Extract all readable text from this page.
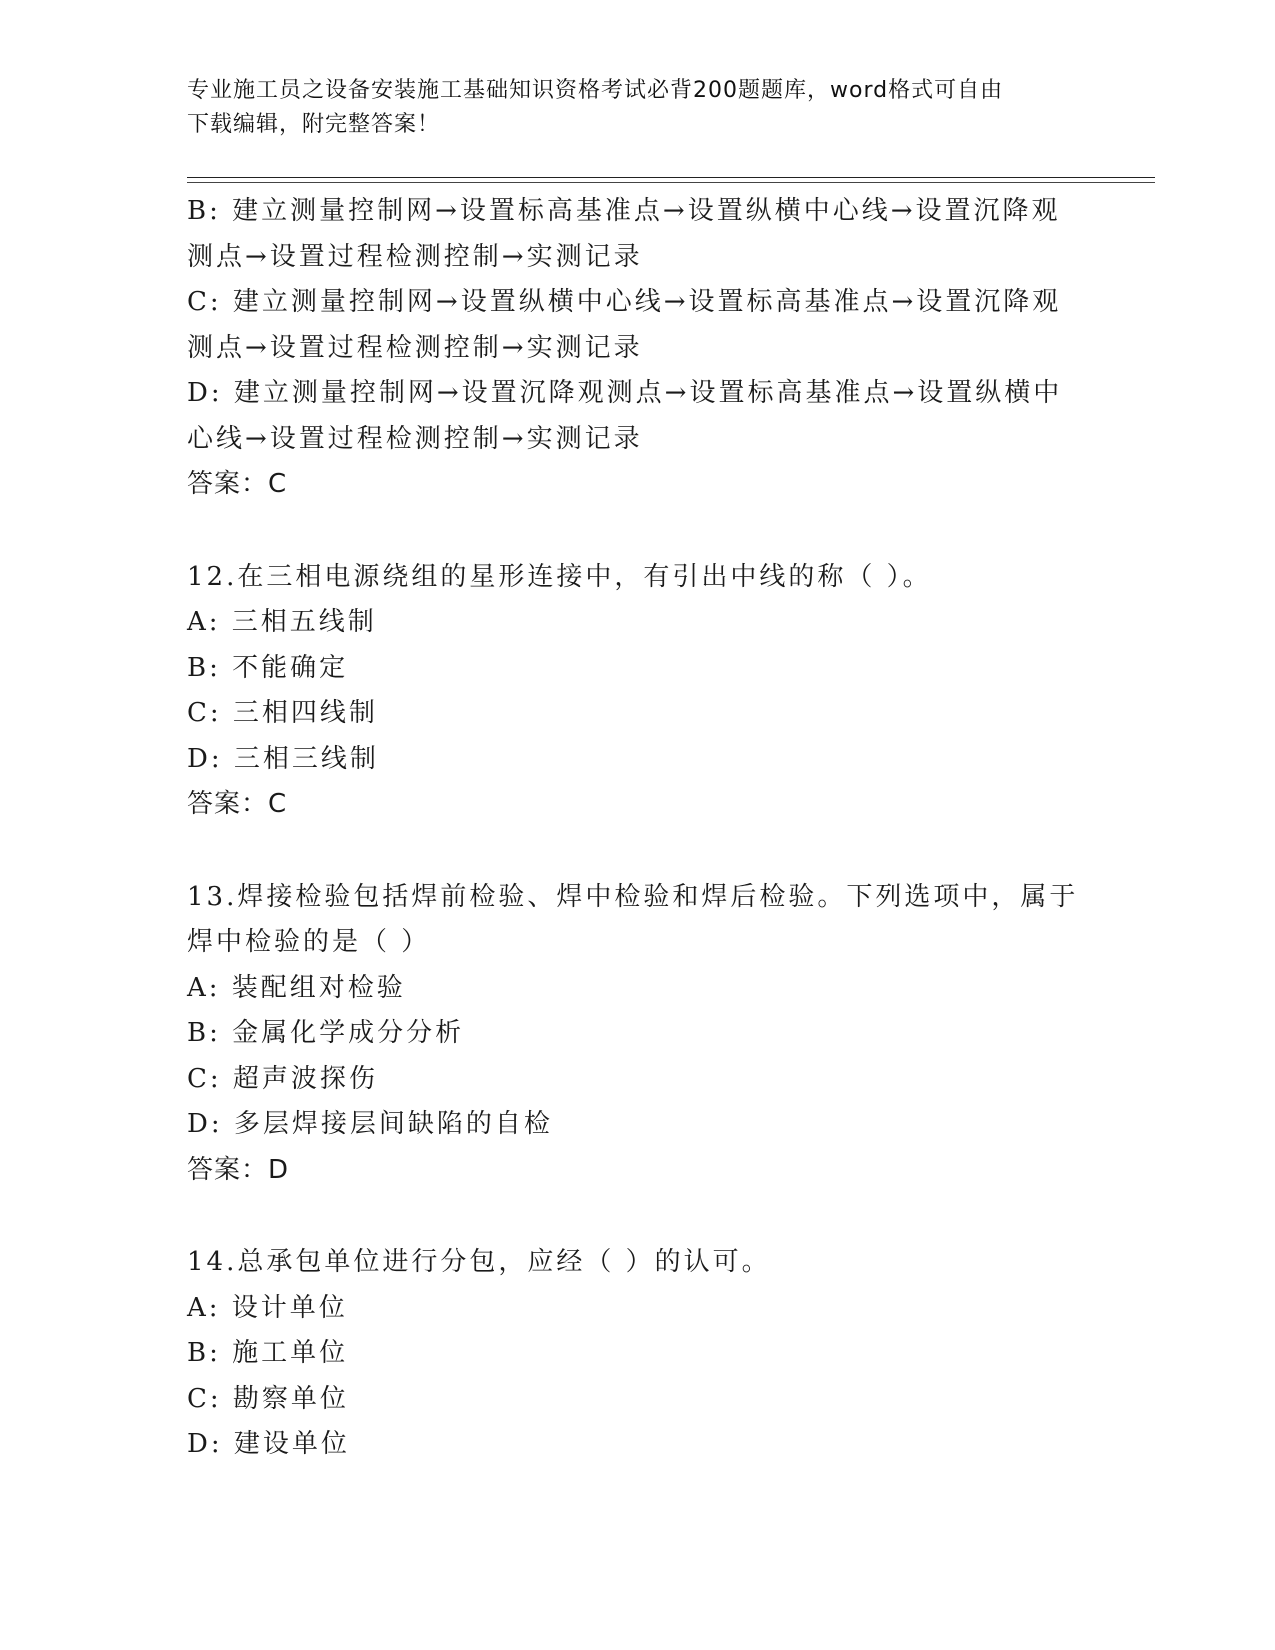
专业施工员之设备安装施工基础知识资格考试必背200题题库，word格式可自由
下载编辑，附完整答案！
B: 建立测量控制网→设置标高基准点→设置纵横中心线→设置沉降观
测点→设置过程检测控制→实测记录
C: 建立测量控制网→设置纵横中心线→设置标高基准点→设置沉降观
测点→设置过程检测控制→实测记录
D: 建立测量控制网→设置沉降观测点→设置标高基准点→设置纵横中
心线→设置过程检测控制→实测记录
答案：C
12.在三相电源绕组的星形连接中，有引出中线的称（ ）。
A: 三相五线制
B: 不能确定
C: 三相四线制
D: 三相三线制
答案：C
13.焊接检验包括焊前检验、焊中检验和焊后检验。下列选项中，属于
焊中检验的是（ ）
A: 装配组对检验
B: 金属化学成分分析
C: 超声波探伤
D: 多层焊接层间缺陷的自检
答案：D
14.总承包单位进行分包，应经（ ）的认可。
A: 设计单位
B: 施工单位
C: 勘察单位
D: 建设单位
